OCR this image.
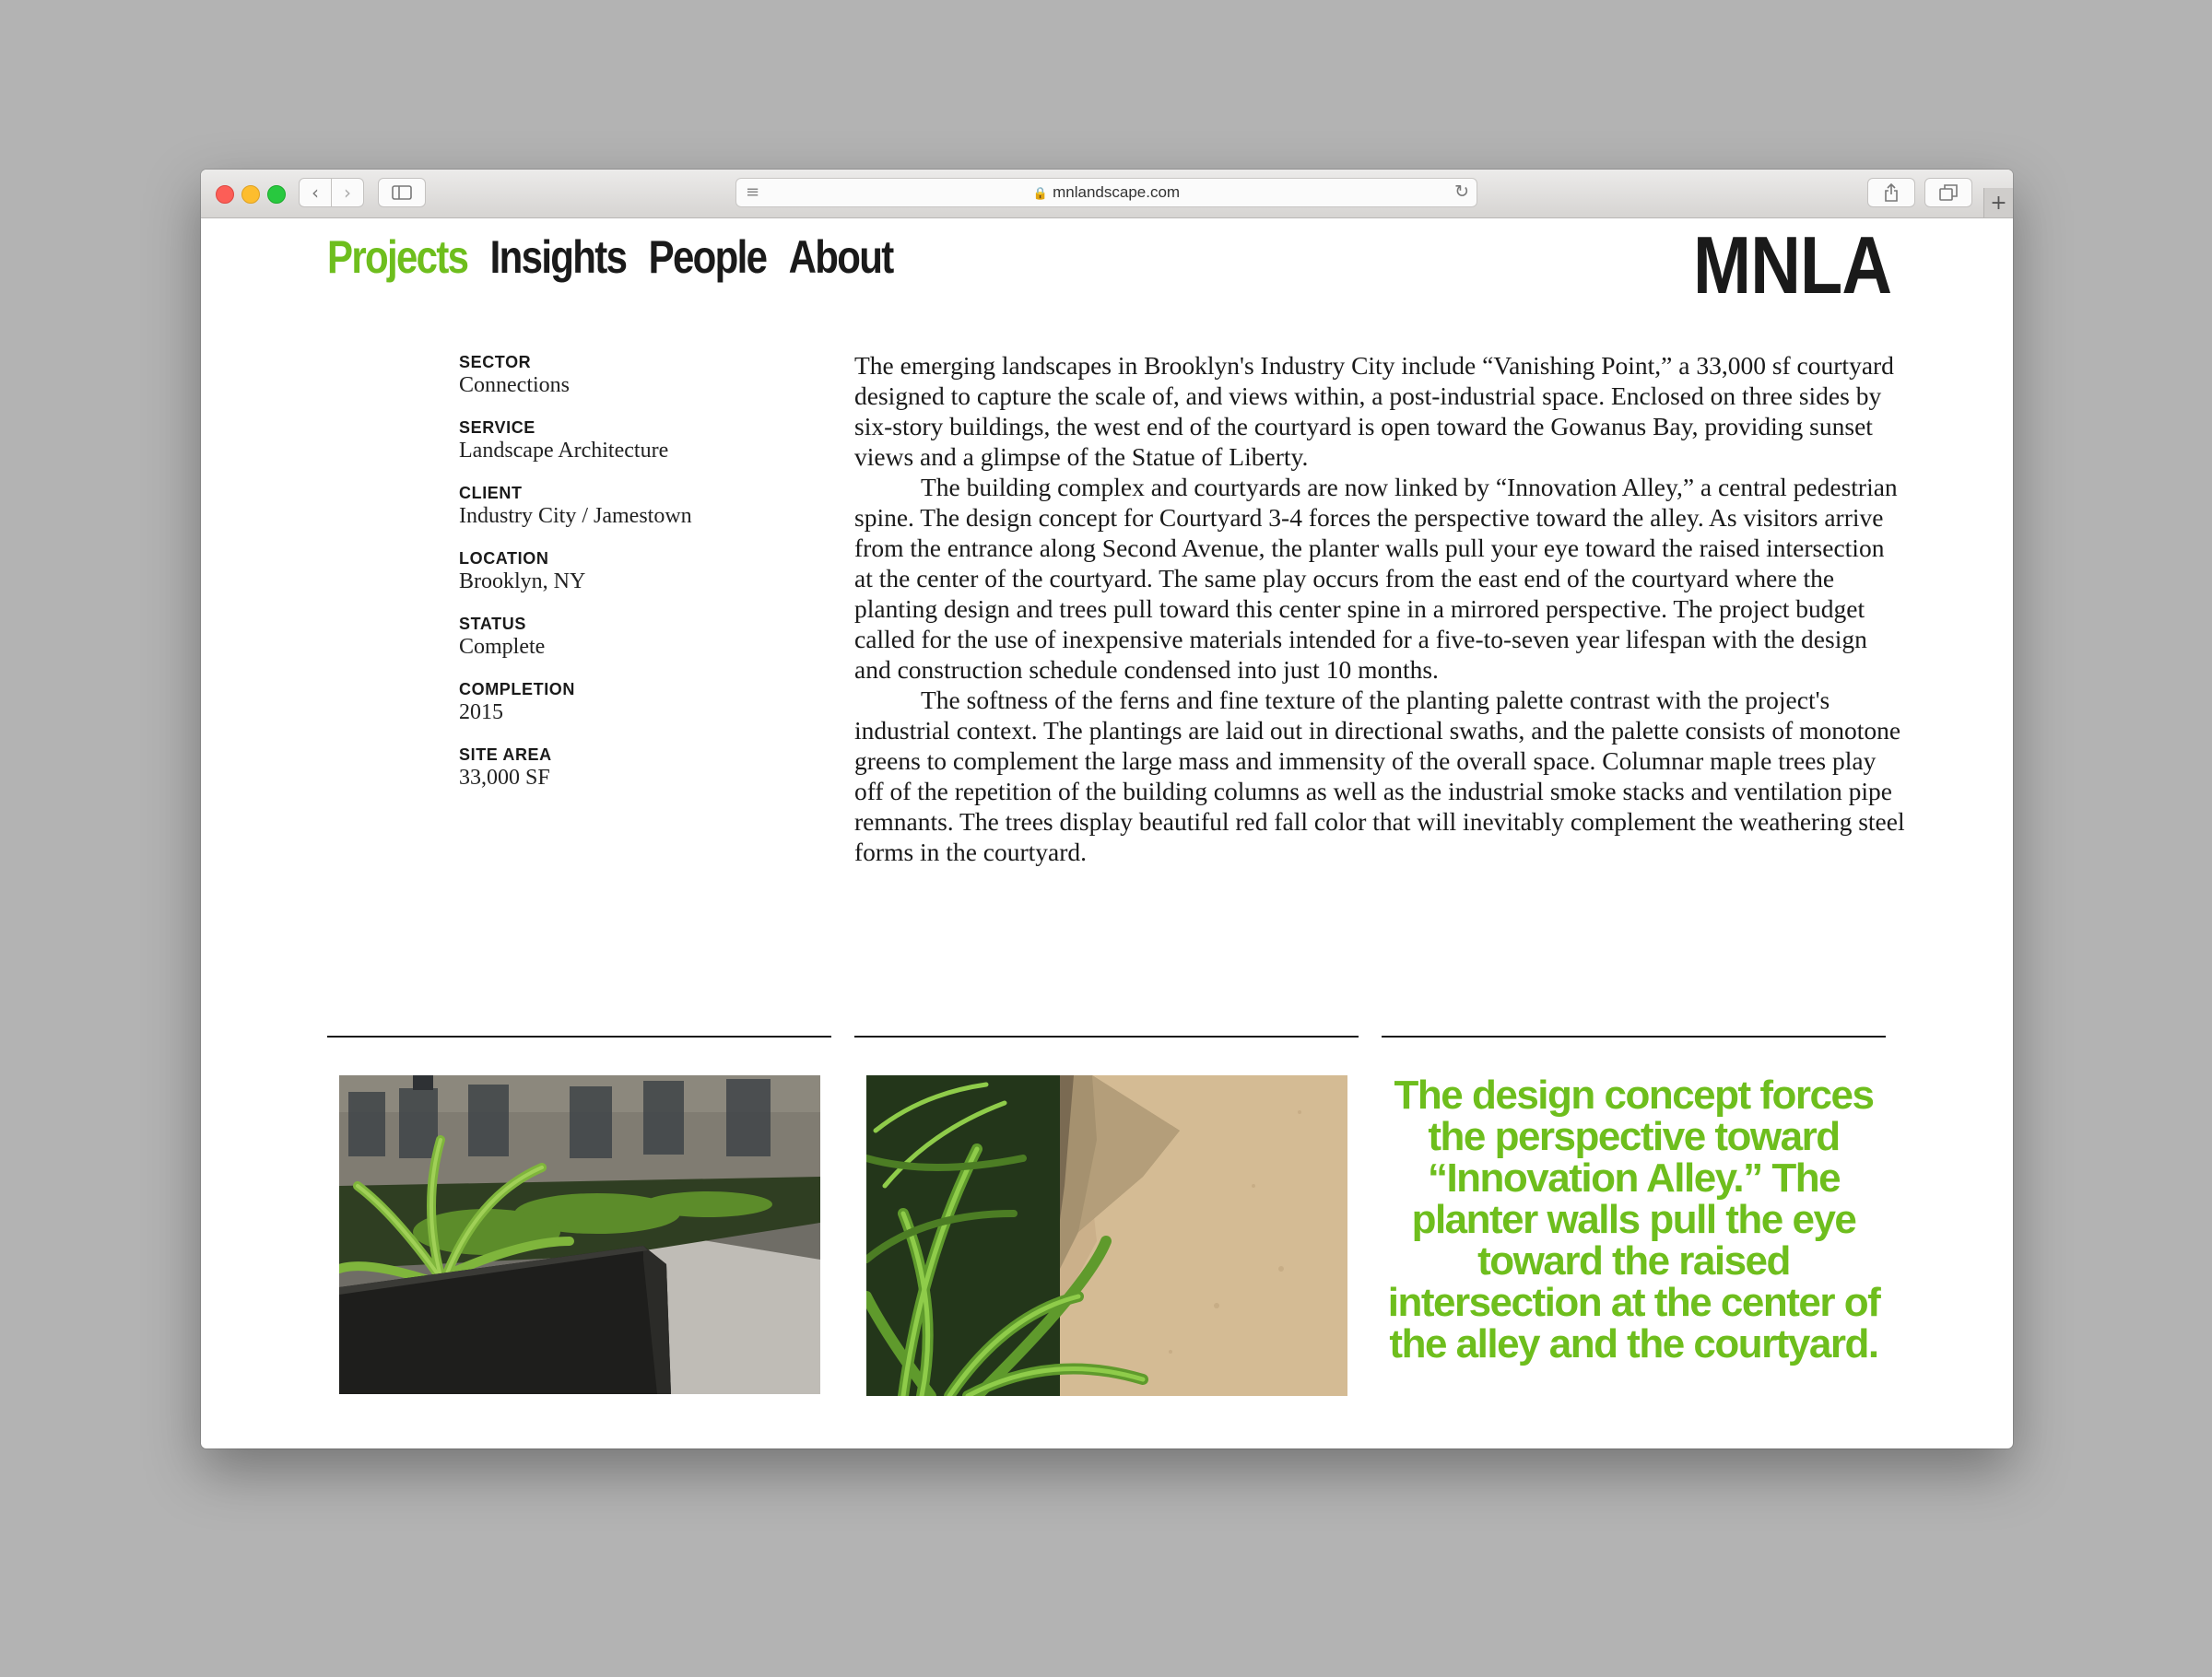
‹ ›	≡	🔒 mnlandscape.com	↻	+
Projects Insights People About	MNLA
SECTOR
Connections
SERVICE
Landscape Architecture
CLIENT
Industry City / Jamestown
LOCATION
Brooklyn, NY
STATUS
Complete
COMPLETION
2015
SITE AREA
33,000 SF

The emerging landscapes in Brooklyn's Industry City include “Vanishing Point,” a 33,000 sf courtyard designed to capture the scale of, and views within, a post-industrial space. Enclosed on three sides by six-story buildings, the west end of the courtyard is open toward the Gowanus Bay, providing sunset views and a glimpse of the Statue of Liberty.

The building complex and courtyards are now linked by “Innovation Alley,” a central pedestrian spine. The design concept for Courtyard 3-4 forces the perspective toward the alley. As visitors arrive from the entrance along Second Avenue, the planter walls pull your eye toward the raised intersection at the center of the courtyard. The same play occurs from the east end of the courtyard where the planting design and trees pull toward this center spine in a mirrored perspective. The project budget called for the use of inexpensive materials intended for a five-to-seven year lifespan with the design and construction schedule condensed into just 10 months.

The softness of the ferns and fine texture of the planting palette contrast with the project's industrial context. The plantings are laid out in directional swaths, and the palette consists of monotone greens to complement the large mass and immensity of the overall space. Columnar maple trees play off of the repetition of the building columns as well as the industrial smoke stacks and ventilation pipe remnants. The trees display beautiful red fall color that will inevitably complement the weathering steel forms in the courtyard.

The design concept forces the perspective toward “Innovation Alley.” The planter walls pull the eye toward the raised intersection at the center of the alley and the courtyard.
